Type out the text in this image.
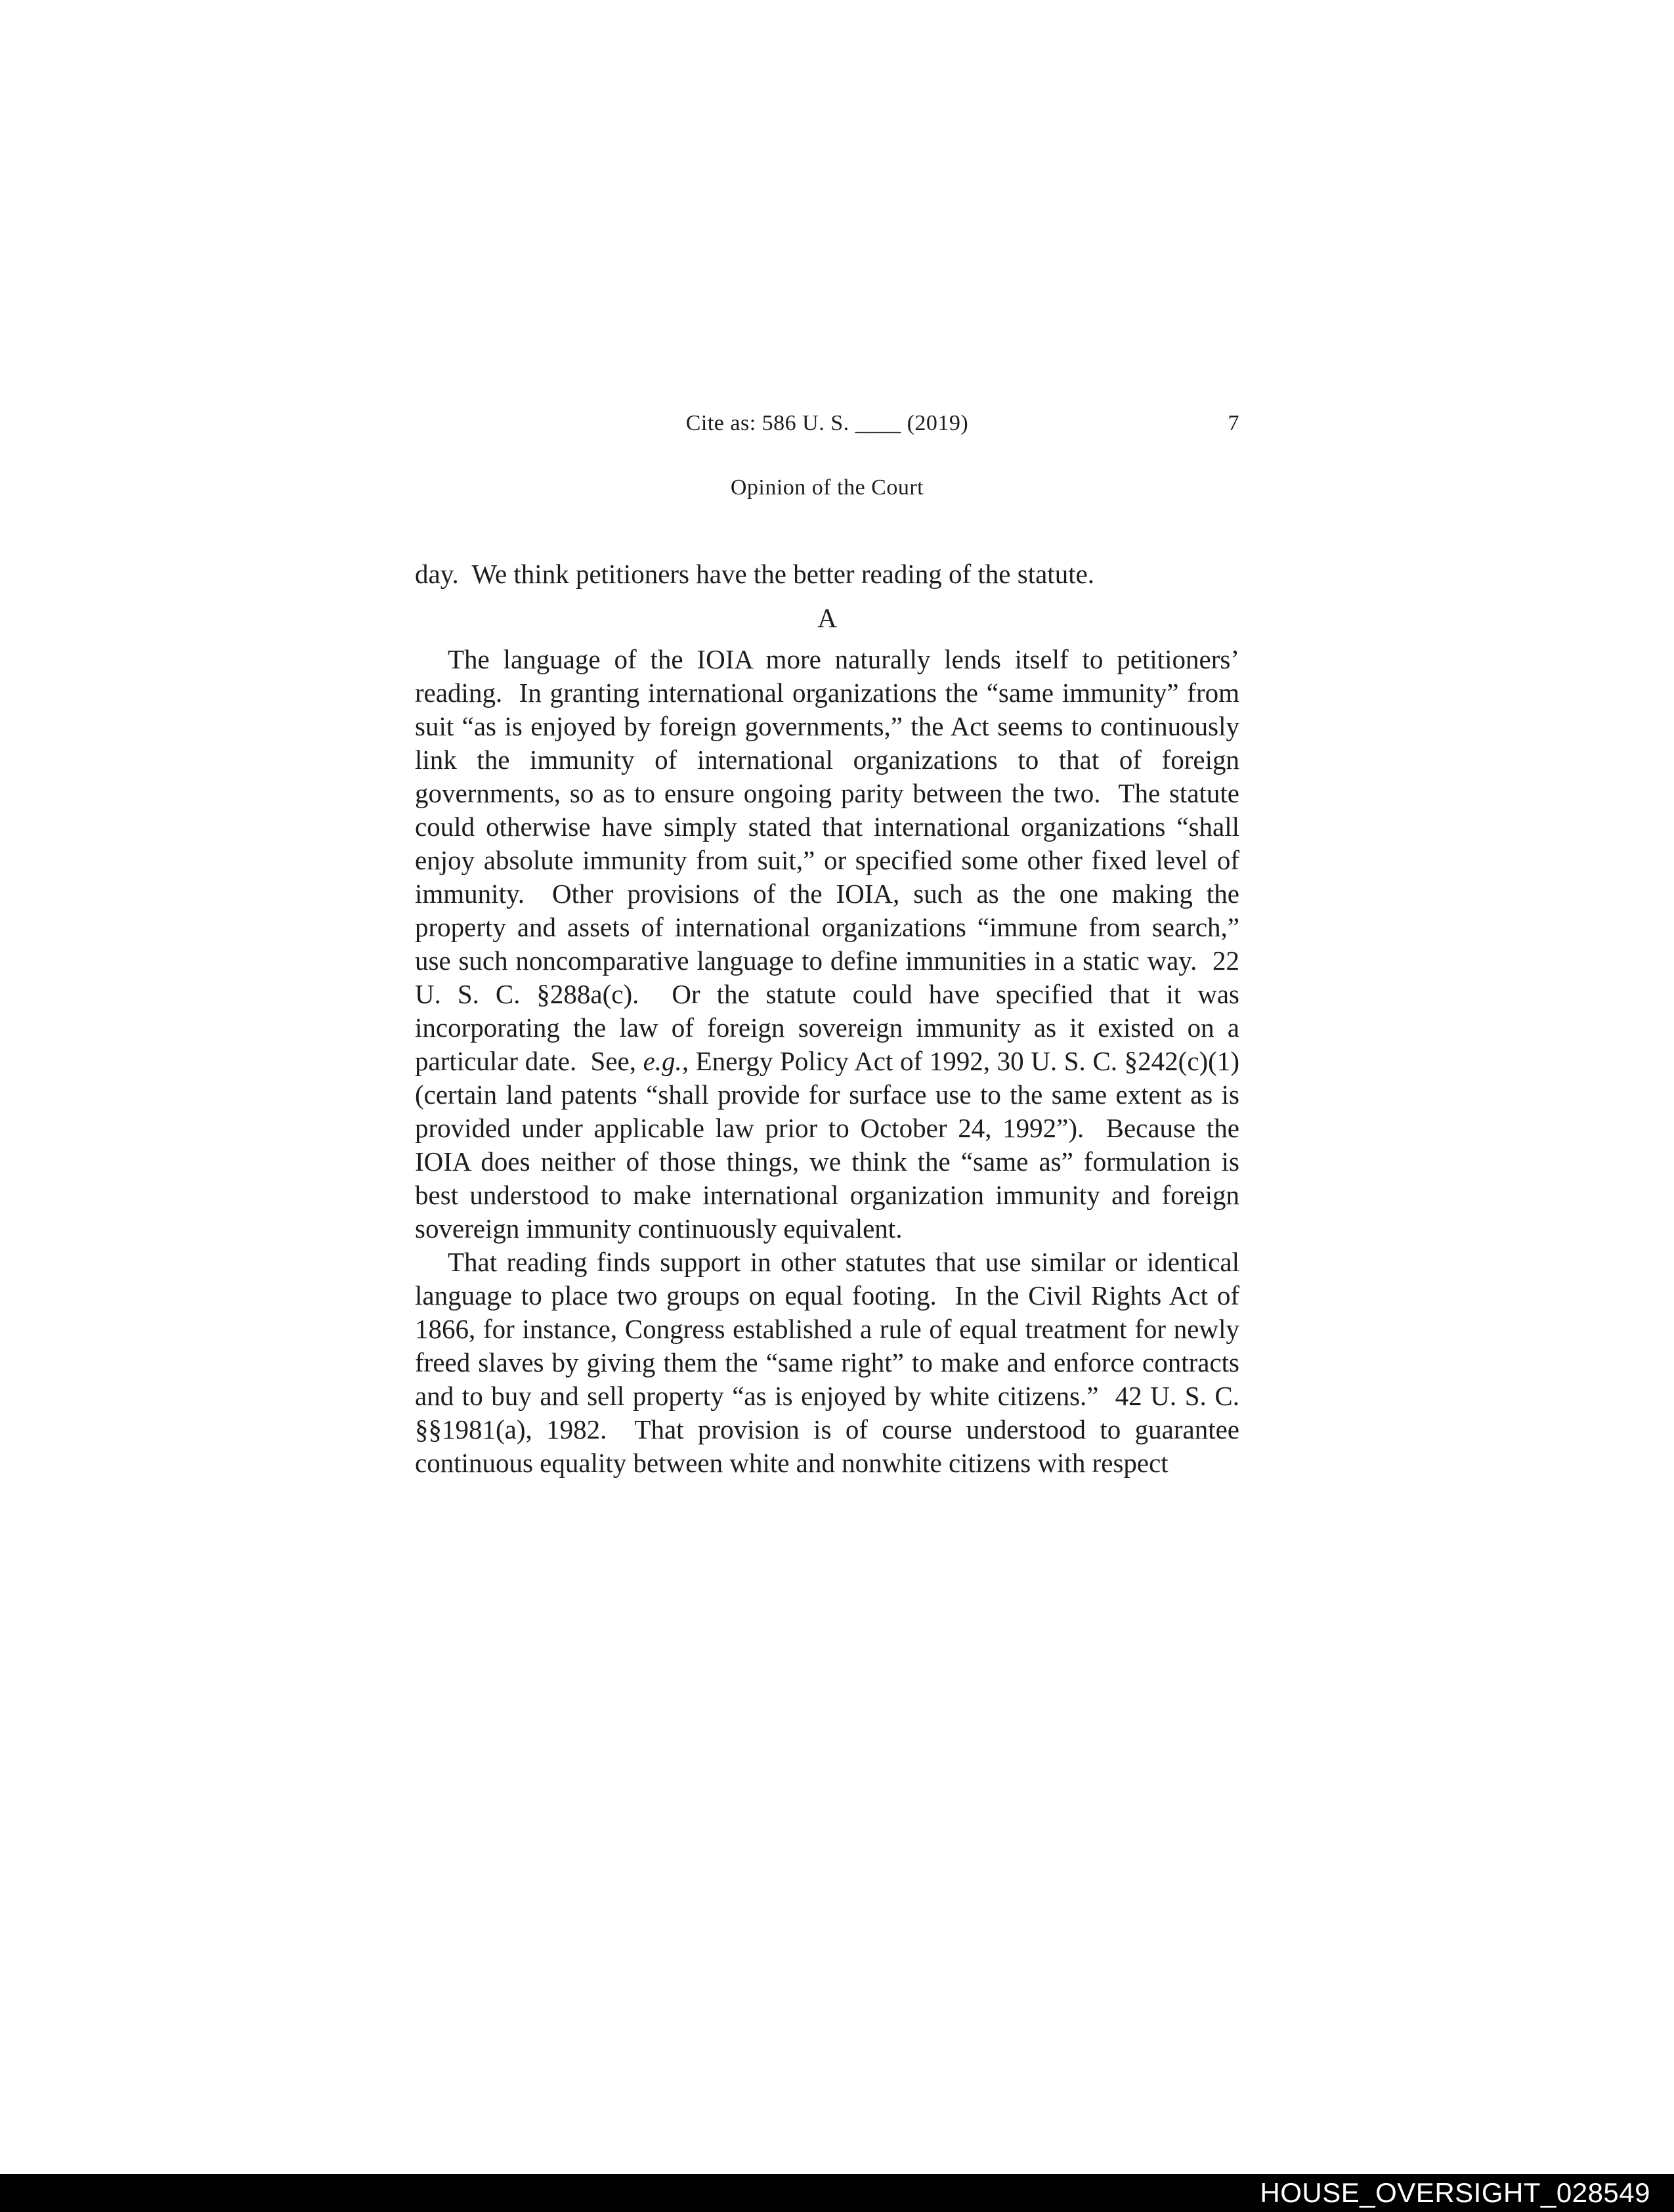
Cite as: 586 U. S. ____ (2019)	7
Opinion of the Court

day.  We think petitioners have the better reading of the statute.

A

The language of the IOIA more naturally lends itself to petitioners’ reading.  In granting international organizations the “same immunity” from suit “as is enjoyed by foreign governments,” the Act seems to continuously link the immunity of international organizations to that of foreign governments, so as to ensure ongoing parity between the two.  The statute could otherwise have simply stated that international organizations “shall enjoy absolute immunity from suit,” or specified some other fixed level of immunity.  Other provisions of the IOIA, such as the one making the property and assets of international organizations “immune from search,” use such noncomparative language to define immunities in a static way.  22 U. S. C. §288a(c).  Or the statute could have specified that it was incorporating the law of foreign sovereign immunity as it existed on a particular date.  See, e.g., Energy Policy Act of 1992, 30 U. S. C. §242(c)(1) (certain land patents “shall provide for surface use to the same extent as is provided under applicable law prior to October 24, 1992”).  Because the IOIA does neither of those things, we think the “same as” formulation is best understood to make international organization immunity and foreign sovereign immunity continuously equivalent.

That reading finds support in other statutes that use similar or identical language to place two groups on equal footing.  In the Civil Rights Act of 1866, for instance, Congress established a rule of equal treatment for newly freed slaves by giving them the “same right” to make and enforce contracts and to buy and sell property “as is enjoyed by white citizens.”  42 U. S. C. §§1981(a), 1982.  That provision is of course understood to guarantee continuous equality between white and nonwhite citizens with respect

HOUSE_OVERSIGHT_028549
